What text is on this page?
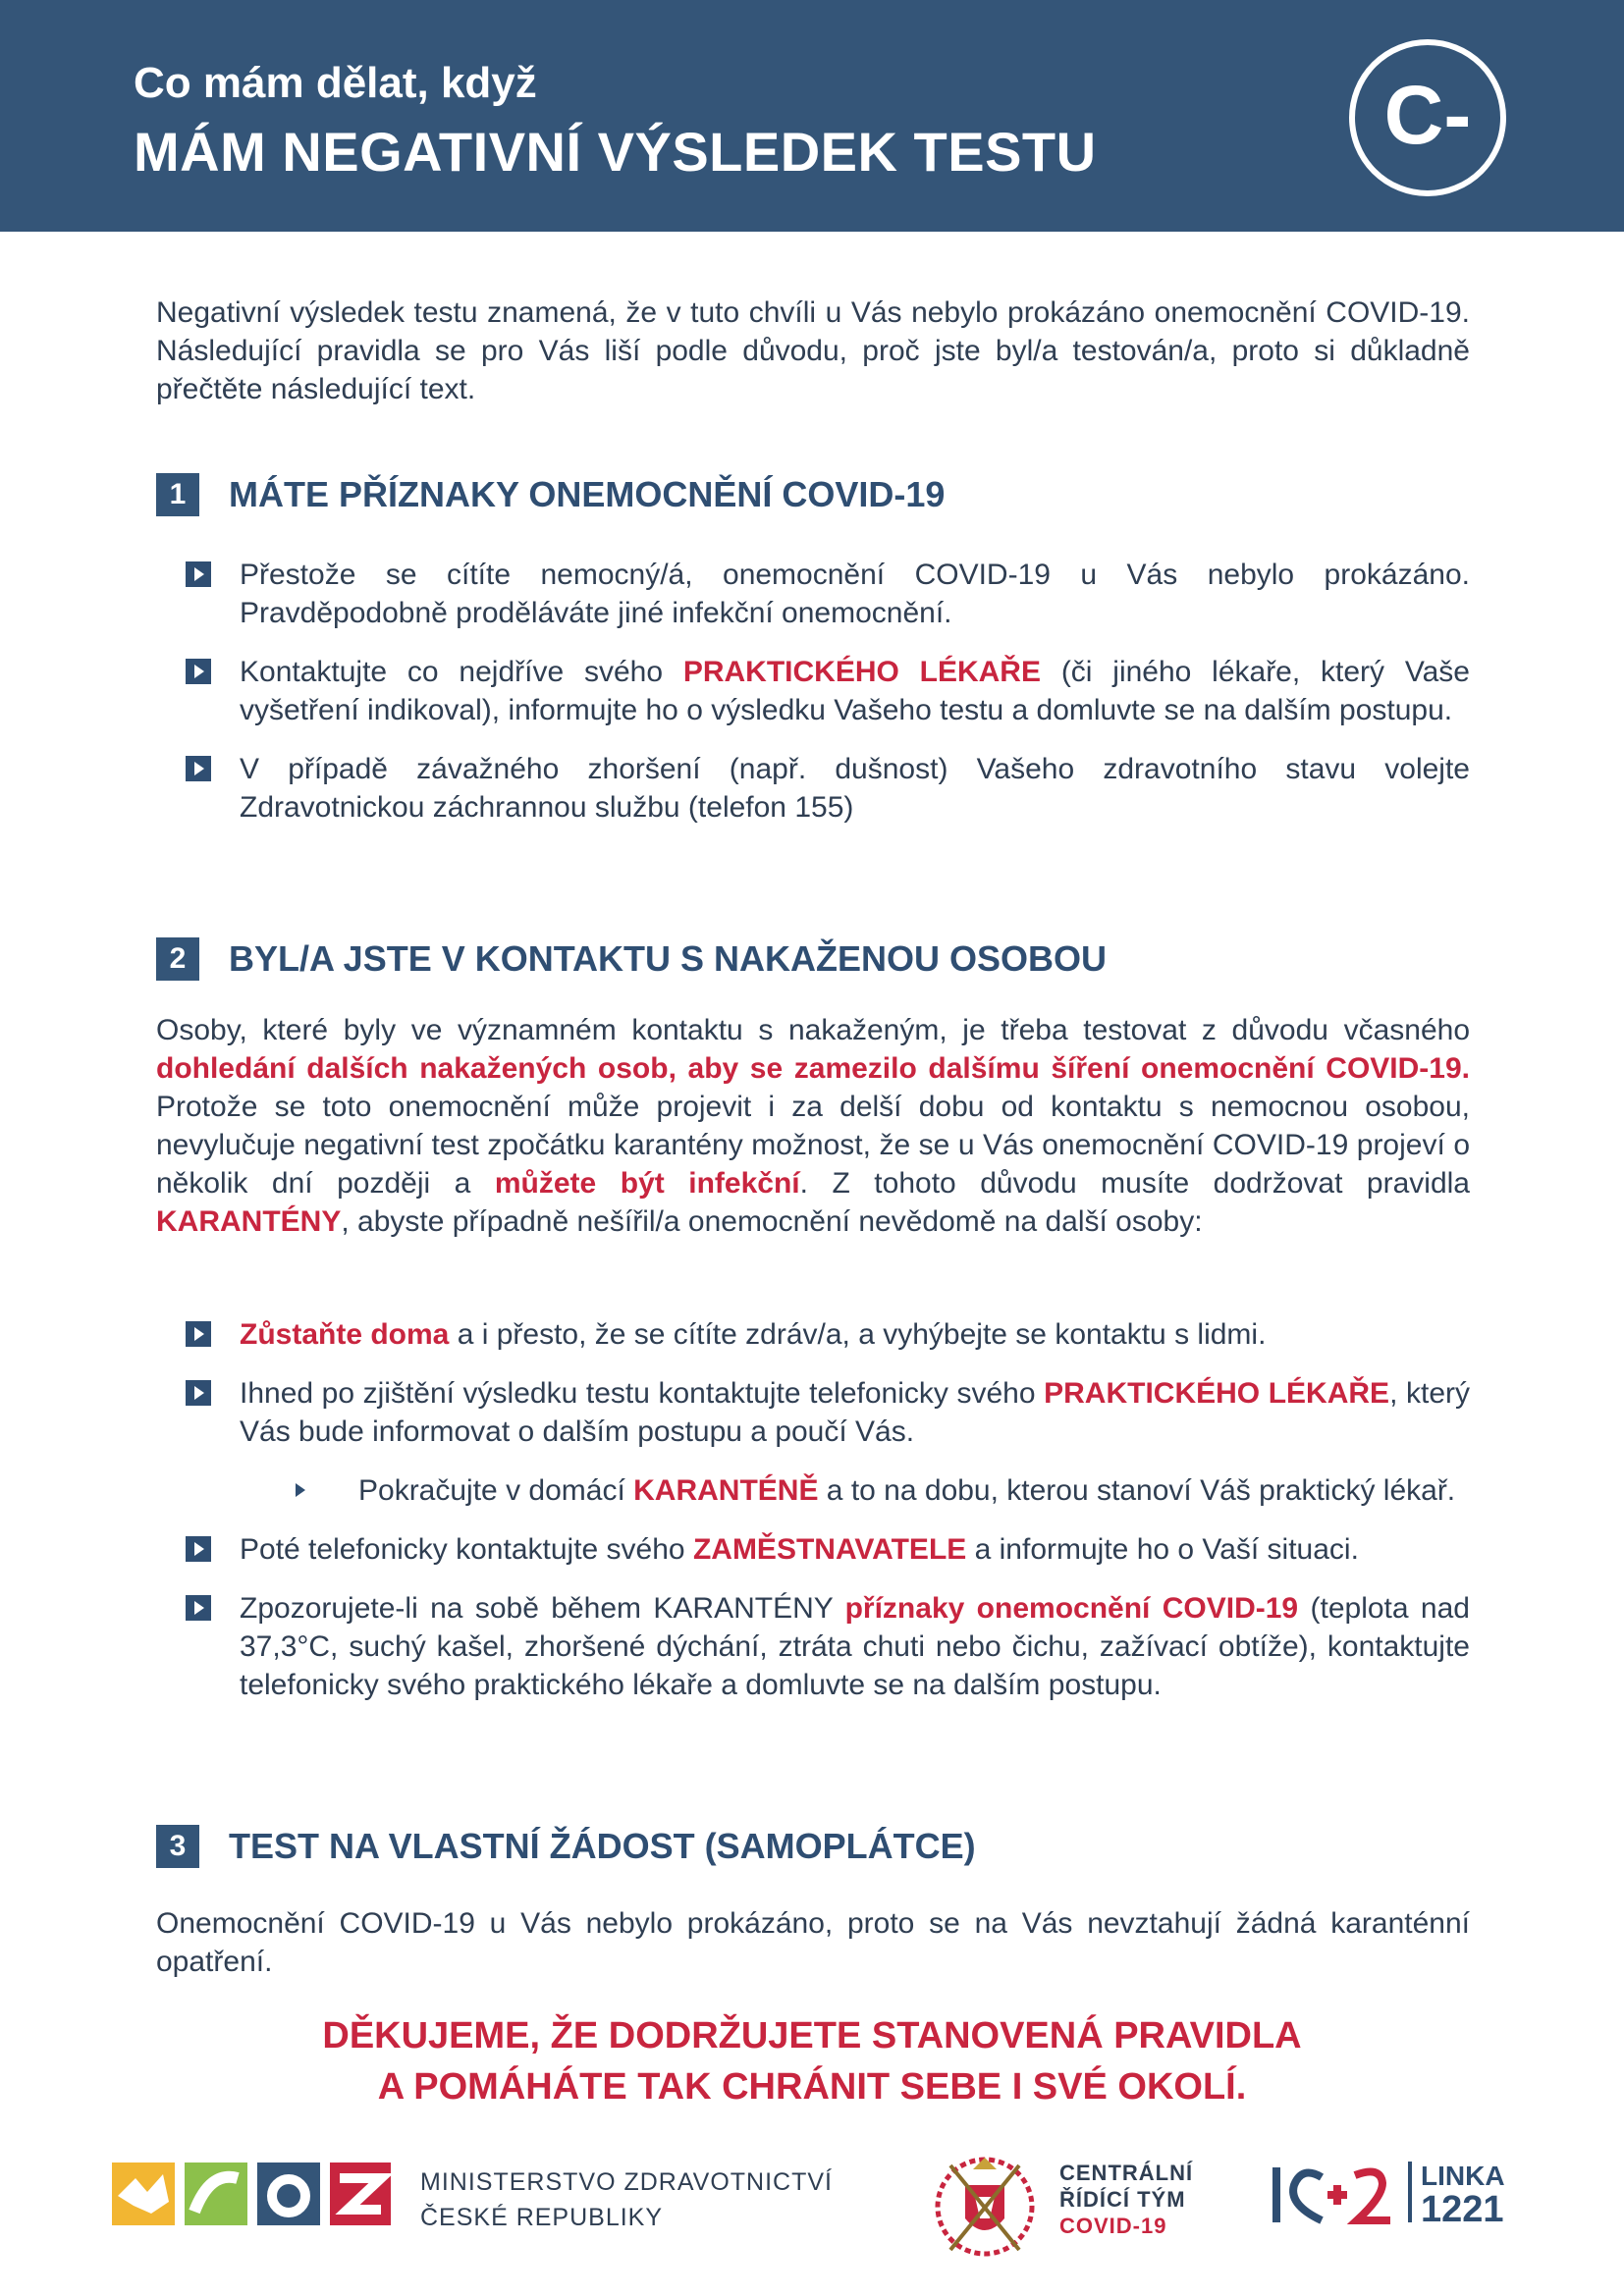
Co mám dělat, když
MÁM NEGATIVNÍ VÝSLEDEK TESTU	C-

Negativní výsledek testu znamená, že v tuto chvíli u Vás nebylo prokázáno onemocnění COVID-19. Následující pravidla se pro Vás liší podle důvodu, proč jste byl/a testován/a, proto si důkladně přečtěte následující text.

1	MÁTE PŘÍZNAKY ONEMOCNĚNÍ COVID-19
Přestože se cítíte nemocný/á, onemocnění COVID-19 u Vás nebylo prokázáno. Pravděpodobně proděláváte jiné infekční onemocnění.
Kontaktujte co nejdříve svého PRAKTICKÉHO LÉKAŘE (či jiného lékaře, který Vaše vyšetření indikoval), informujte ho o výsledku Vašeho testu a domluvte se na dalším postupu.
V případě závažného zhoršení (např. dušnost) Vašeho zdravotního stavu volejte Zdravotnickou záchrannou službu (telefon 155)
2	BYL/A JSTE V KONTAKTU S NAKAŽENOU OSOBOU

Osoby, které byly ve významném kontaktu s nakaženým, je třeba testovat z důvodu včasného dohledání dalších nakažených osob, aby se zamezilo dalšímu šíření onemocnění COVID-19. Protože se toto onemocnění může projevit i za delší dobu od kontaktu s nemocnou osobou, nevylučuje negativní test zpočátku karantény možnost, že se u Vás onemocnění COVID-19 projeví o několik dní později a můžete být infekční. Z tohoto důvodu musíte dodržovat pravidla KARANTÉNY, abyste případně nešířil/a onemocnění nevědomě na další osoby:

Zůstaňte doma a i přesto, že se cítíte zdráv/a, a vyhýbejte se kontaktu s lidmi.
Ihned po zjištění výsledku testu kontaktujte telefonicky svého PRAKTICKÉHO LÉKAŘE, který Vás bude informovat o dalším postupu a poučí Vás.
Pokračujte v domácí KARANTÉNĚ a to na dobu, kterou stanoví Váš praktický lékař.
Poté telefonicky kontaktujte svého ZAMĚSTNAVATELE a informujte ho o Vaší situaci.
Zpozorujete-li na sobě během KARANTÉNY příznaky onemocnění COVID-19 (teplota nad 37,3°C, suchý kašel, zhoršené dýchání, ztráta chuti nebo čichu, zažívací obtíže), kontaktujte telefonicky svého praktického lékaře a domluvte se na dalším postupu.
3	TEST NA VLASTNÍ ŽÁDOST (SAMOPLÁTCE)

Onemocnění COVID-19 u Vás nebylo prokázáno, proto se na Vás nevztahují žádná karanténní opatření.

DĚKUJEME, ŽE DODRŽUJETE STANOVENÁ PRAVIDLA
A POMÁHÁTE TAK CHRÁNIT SEBE I SVÉ OKOLÍ.
MINISTERSTVO ZDRAVOTNICTVÍ
ČESKÉ REPUBLIKY
CENTRÁLNÍ
ŘÍDÍCÍ TÝM
COVID-19
LINKA
1221
